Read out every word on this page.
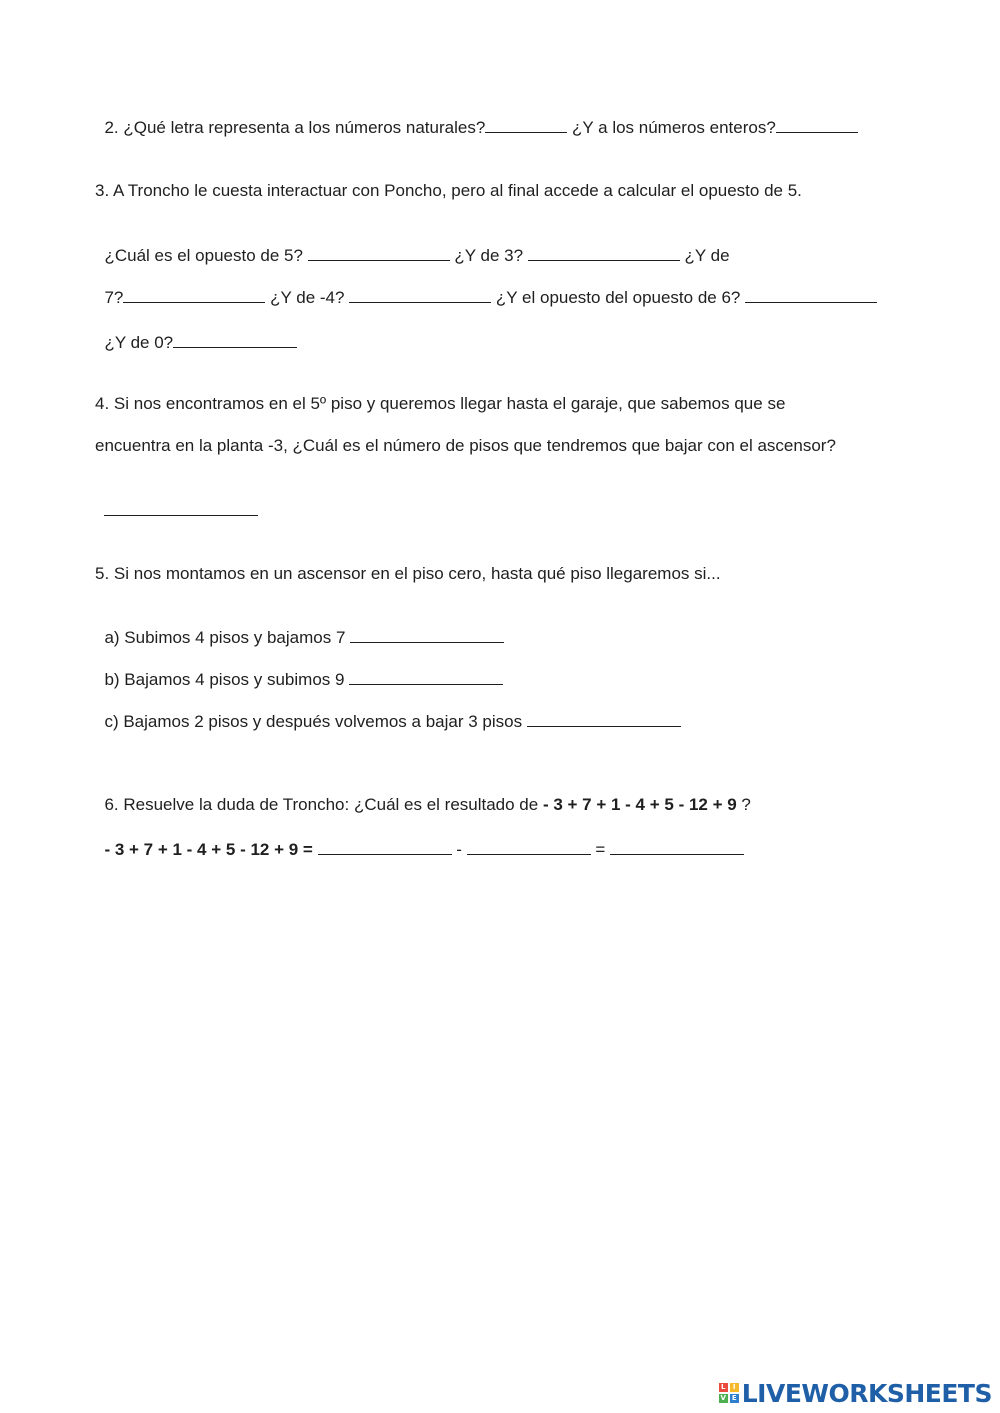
2. ¿Qué letra representa a los números naturales?	¿Y a los números enteros?

3. A Troncho le cuesta interactuar con Poncho, pero al final accede a calcular el opuesto de 5.

¿Cuál es el opuesto de 5?	¿Y de 3?	¿Y de

7?	¿Y de -4?	¿Y el opuesto del opuesto de 6?

¿Y de 0?

4. Si nos encontramos en el 5º piso y queremos llegar hasta el garaje, que sabemos que se
encuentra en la planta -3, ¿Cuál es el número de pisos que tendremos que bajar con el ascensor?

5. Si nos montamos en un ascensor en el piso cero, hasta qué piso llegaremos si...

a) Subimos 4 pisos y bajamos 7

b) Bajamos 4 pisos y subimos 9

c) Bajamos 2 pisos y después volvemos a bajar 3 pisos

6. Resuelve la duda de Troncho: ¿Cuál es el resultado de - 3 + 7 + 1 - 4 + 5 - 12 + 9 ?

- 3 + 7 + 1 - 4 + 5 - 12 + 9 =	-	=

L	I
V E LIVEWORKSHEETS
